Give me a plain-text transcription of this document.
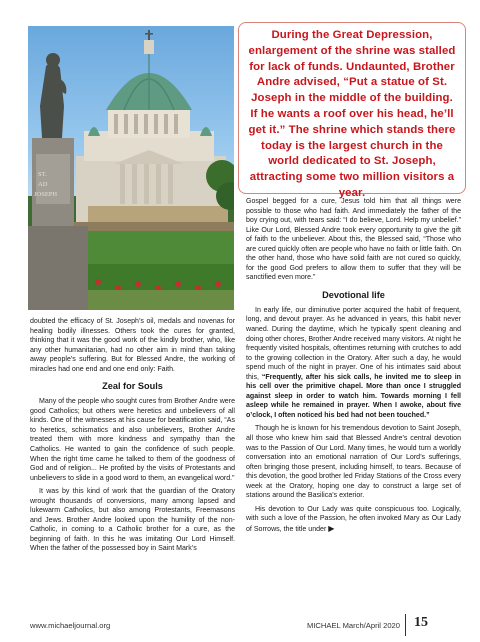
ST.
AD
JOSEPH

During the Great Depression, enlargement of the shrine was stalled for lack of funds. Undaunted, Brother Andre advised, “Put a statue of St. Joseph in the middle of the building. If he wants a roof over his head, he’ll get it.” The shrine which stands there today is the largest church in the world dedicated to St. Joseph, attracting some two million visitors a year.

doubted the efficacy of St. Joseph’s oil, medals and novenas for healing bodily illnesses. Others took the cures for granted, thinking that it was the good work of the kindly brother, who, like any other humanitarian, had no other aim in mind than taking away people’s suffering. But for Blessed Andre, the working of miracles had one end and one end only: Faith.

Zeal for Souls

Many of the people who sought cures from Brother Andre were good Catholics; but others were heretics and unbelievers of all kinds. One of the witnesses at his cause for beatification said, “As to heretics, schismatics and also unbelievers, Brother Andre treated them with more kindness and sympathy than the Catholics. He wanted to gain the confidence of such people. When the right time came he talked to them of the goodness of God and of religion... He profited by the visits of Protestants and unbelievers to slide in a good word to them, an evangelical word.”

It was by this kind of work that the guardian of the Oratory wrought thousands of conversions, many among lapsed and lukewarm Catholics, but also among Protestants, Freemasons and Jews. Brother Andre looked upon the humility of the non-Catholic, in coming to a Catholic brother for a cure, as the beginning of faith. In this he was imitating Our Lord Himself. When the father of the possessed boy in Saint Mark’s

Gospel begged for a cure, Jesus told him that all things were possible to those who had faith. And immediately the father of the boy crying out, with tears said: “I do believe, Lord. Help my unbelief.” Like Our Lord, Blessed Andre took every opportunity to give the gift of faith to the unbeliever. About this, the Blessed said, “Those who are cured quickly often are people who have no faith or little faith. On the other hand, those who have solid faith are not cured so quickly, for the good God prefers to allow them to suffer that they will be sanctified even more.”

Devotional life

In early life, our diminutive porter acquired the habit of frequent, long, and devout prayer. As he advanced in years, this habit never waned. During the daytime, which he typically spent cleaning and doing other chores, Brother Andre received many visitors. At night he frequently visited hospitals, oftentimes returning with crutches to add to the growing collection in the Oratory. After such a day, he would spend much of the night in prayer. One of his intimates said about this, “Frequently, after his sick calls, he invited me to sleep in his cell over the primitive chapel. More than once I struggled against sleep in order to watch him. Towards morning I fell asleep while he remained in prayer. When I awoke, about five o’clock, I often noticed his bed had not been touched.”

Though he is known for his tremendous devotion to Saint Joseph, all those who knew him said that Blessed Andre’s central devotion was to the Passion of Our Lord. Many times, he would turn a worldly conversation into an emotional narration of Our Lord’s sufferings, often bringing those present, including himself, to tears. Because of this devotion, the good brother led Friday Stations of the Cross every week at the Oratory, hoping one day to construct a large set of stations around the Basilica’s exterior.

His devotion to Our Lady was quite conspicuous too. Logically, with such a love of the Passion, he often invoked Mary as Our Lady of Sorrows, the title under ▶

www.michaeljournal.org	MICHAEL March/April 2020 15
